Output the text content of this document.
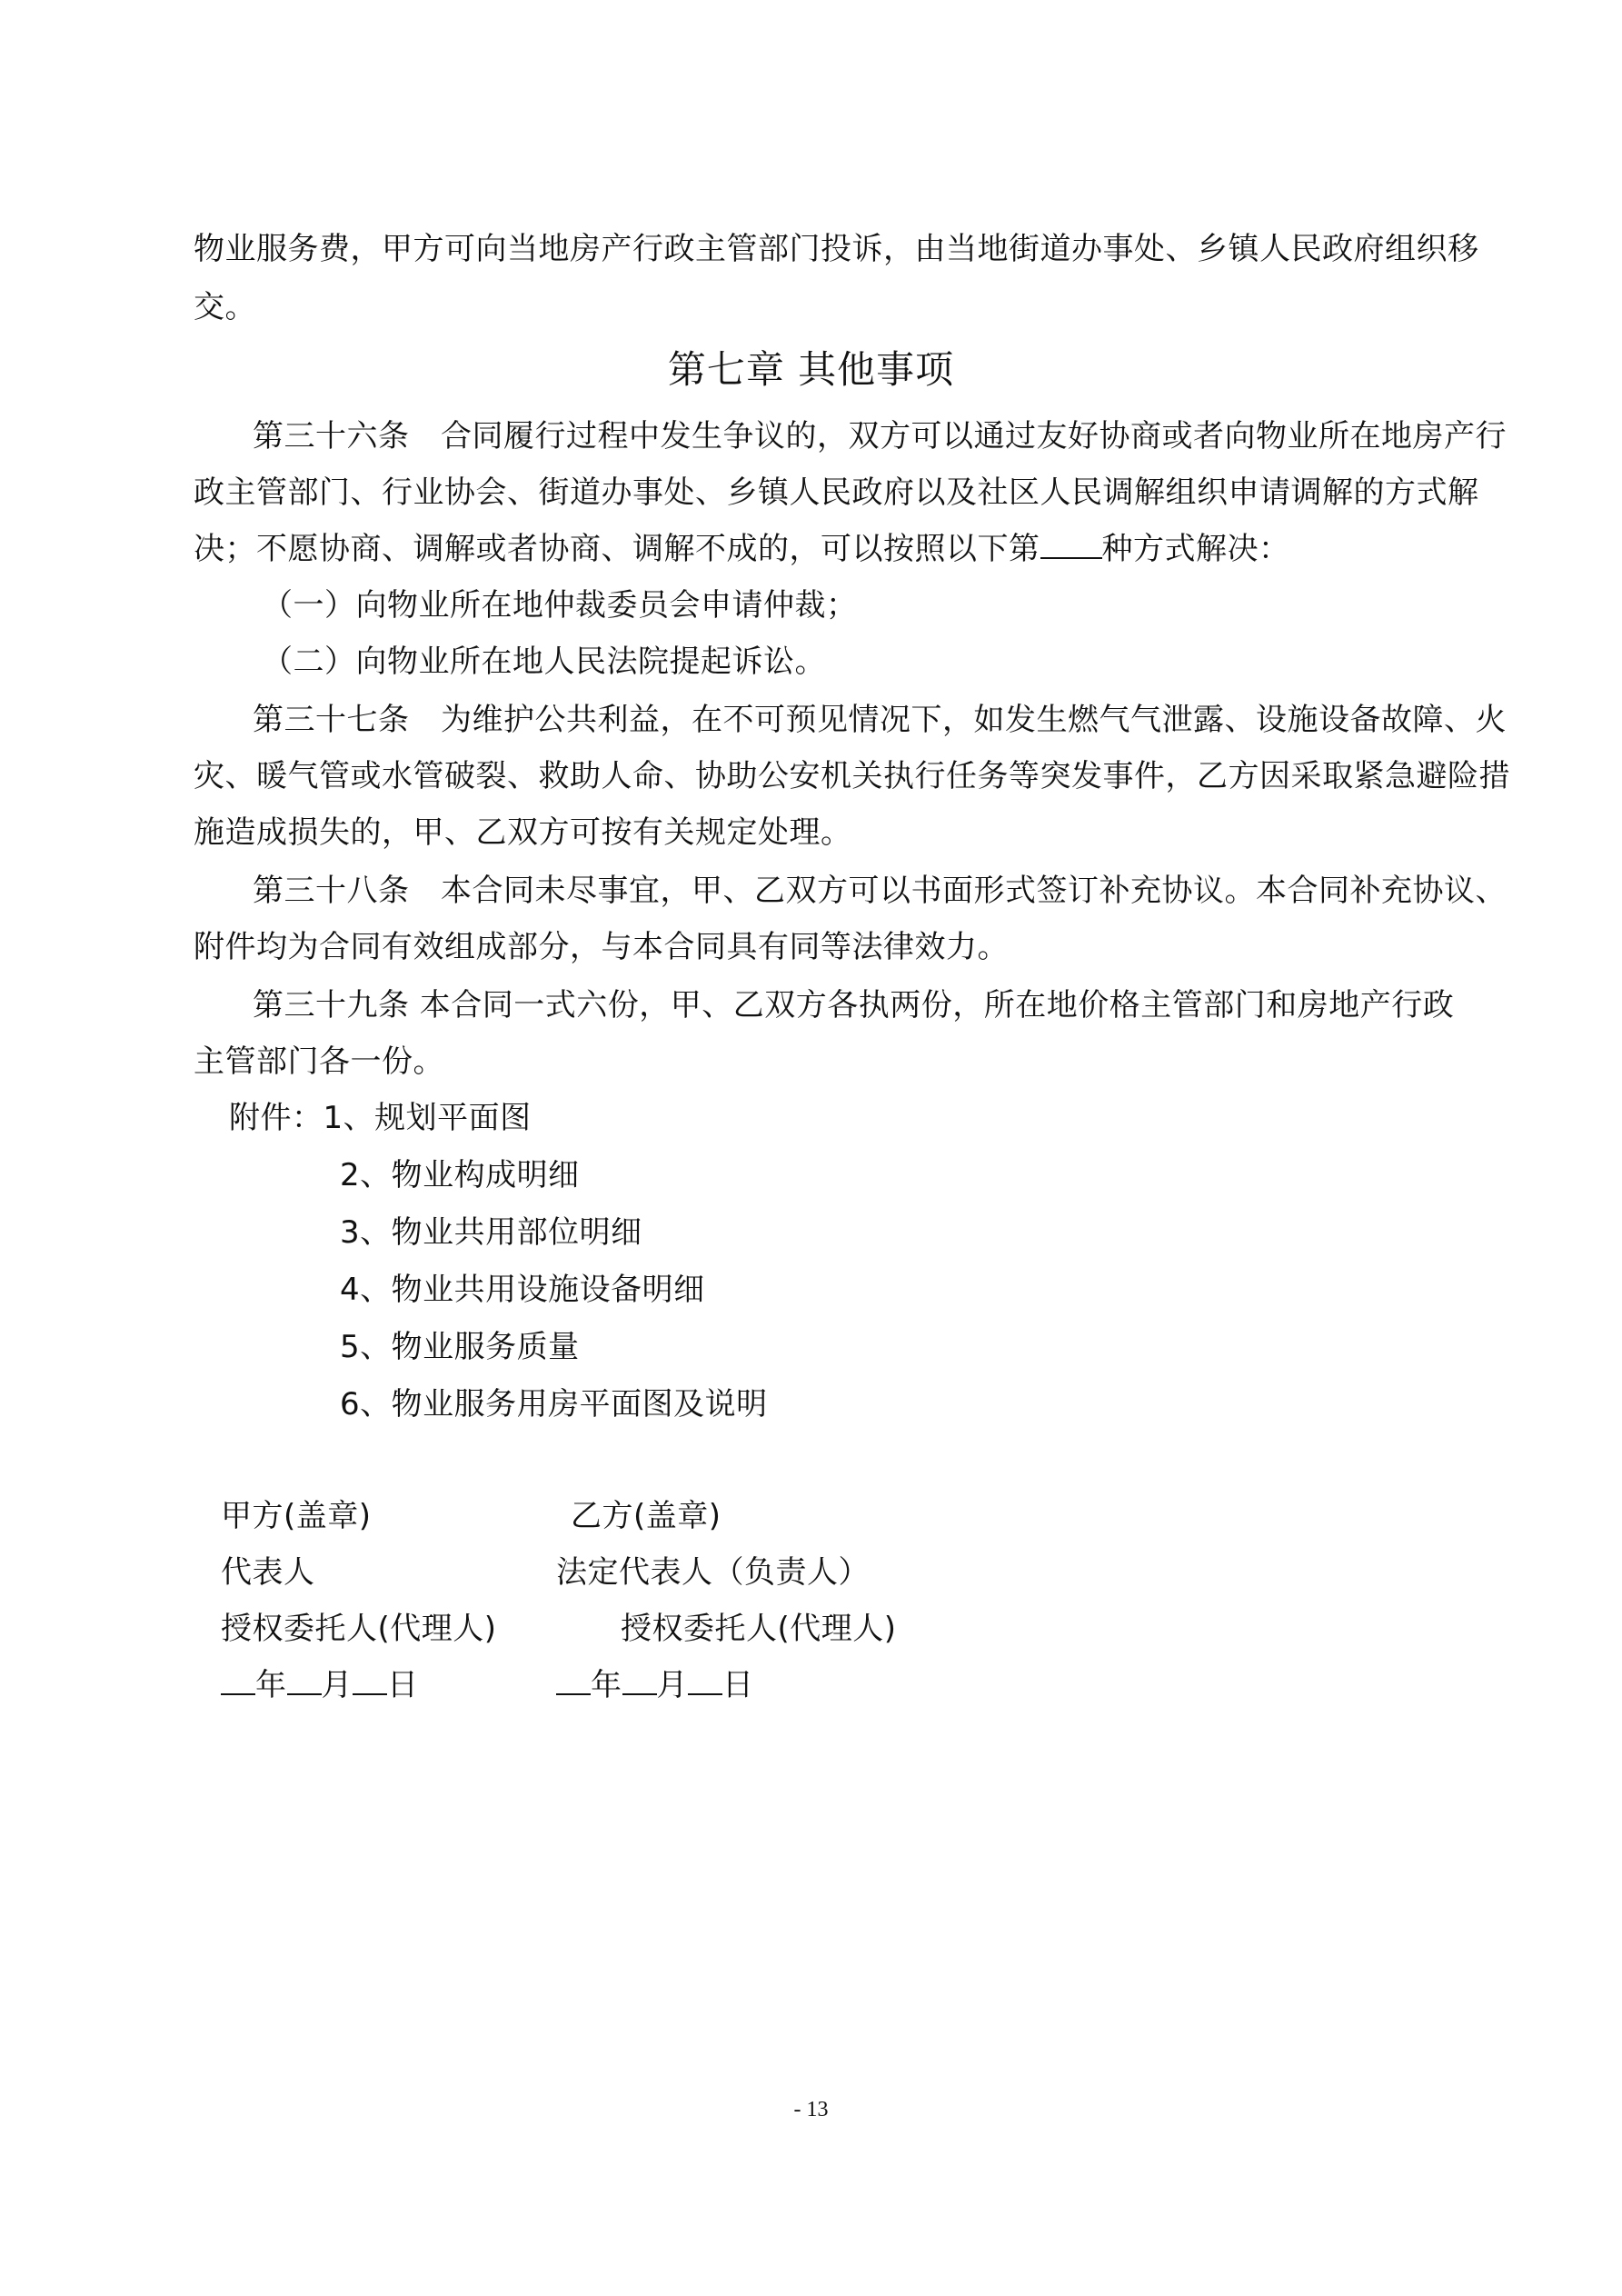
物业服务费，甲方可向当地房产行政主管部门投诉，由当地街道办事处、乡镇人民政府组织移
交。
第七章 其他事项
第三十六条　合同履行过程中发生争议的，双方可以通过友好协商或者向物业所在地房产行
政主管部门、行业协会、街道办事处、乡镇人民政府以及社区人民调解组织申请调解的方式解
决；不愿协商、调解或者协商、调解不成的，可以按照以下第 种方式解决：
（一）向物业所在地仲裁委员会申请仲裁；
（二）向物业所在地人民法院提起诉讼。
第三十七条　为维护公共利益，在不可预见情况下，如发生燃气气泄露、设施设备故障、火
灾、暖气管或水管破裂、救助人命、协助公安机关执行任务等突发事件，乙方因采取紧急避险措
施造成损失的，甲、乙双方可按有关规定处理。
第三十八条　本合同未尽事宜，甲、乙双方可以书面形式签订补充协议。本合同补充协议、
附件均为合同有效组成部分，与本合同具有同等法律效力。
第三十九条 本合同一式六份，甲、乙双方各执两份，所在地价格主管部门和房地产行政
主管部门各一份。
附件：1、规划平面图
2、物业构成明细
3、物业共用部位明细
4、物业共用设施设备明细
5、物业服务质量
6、物业服务用房平面图及说明
甲方(盖章)
代表人
授权委托人(代理人)
年 月 日
乙方(盖章)
法定代表人（负责人）
授权委托人(代理人)
年 月 日
- 13
